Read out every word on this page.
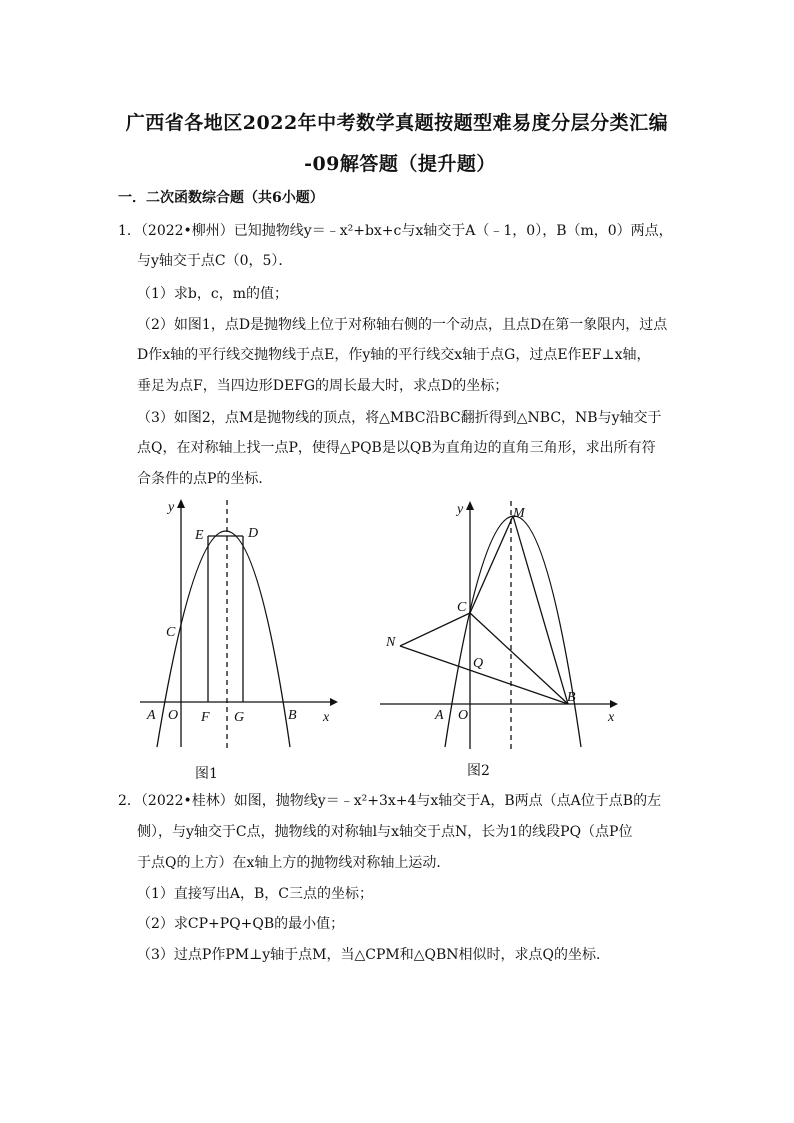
广西省各地区2022年中考数学真题按题型难易度分层分类汇编
-09解答题（提升题）
一．二次函数综合题（共6小题）
1．（2022•柳州）已知抛物线y＝﹣x²+bx+c与x轴交于A（﹣1，0），B（m，0）两点，
与y轴交于点C（0，5）．
（1）求b，c，m的值；
（2）如图1，点D是抛物线上位于对称轴右侧的一个动点，且点D在第一象限内，过点
D作x轴的平行线交抛物线于点E，作y轴的平行线交x轴于点G，过点E作EF⊥x轴，
垂足为点F，当四边形DEFG的周长最大时，求点D的坐标；
（3）如图2，点M是抛物线的顶点，将△MBC沿BC翻折得到△NBC，NB与y轴交于
点Q，在对称轴上找一点P，使得△PQB是以QB为直角边的直角三角形，求出所有符
合条件的点P的坐标．
y
x
E	D
C
A O F G	B
图1
y
x
M
C
N
Q
B
A O
图2
2．（2022•桂林）如图，抛物线y＝﹣x²+3x+4与x轴交于A，B两点（点A位于点B的左
侧），与y轴交于C点，抛物线的对称轴l与x轴交于点N，长为1的线段PQ（点P位
于点Q的上方）在x轴上方的抛物线对称轴上运动．
（1）直接写出A，B，C三点的坐标；
（2）求CP+PQ+QB的最小值；
（3）过点P作PM⊥y轴于点M，当△CPM和△QBN相似时，求点Q的坐标．
